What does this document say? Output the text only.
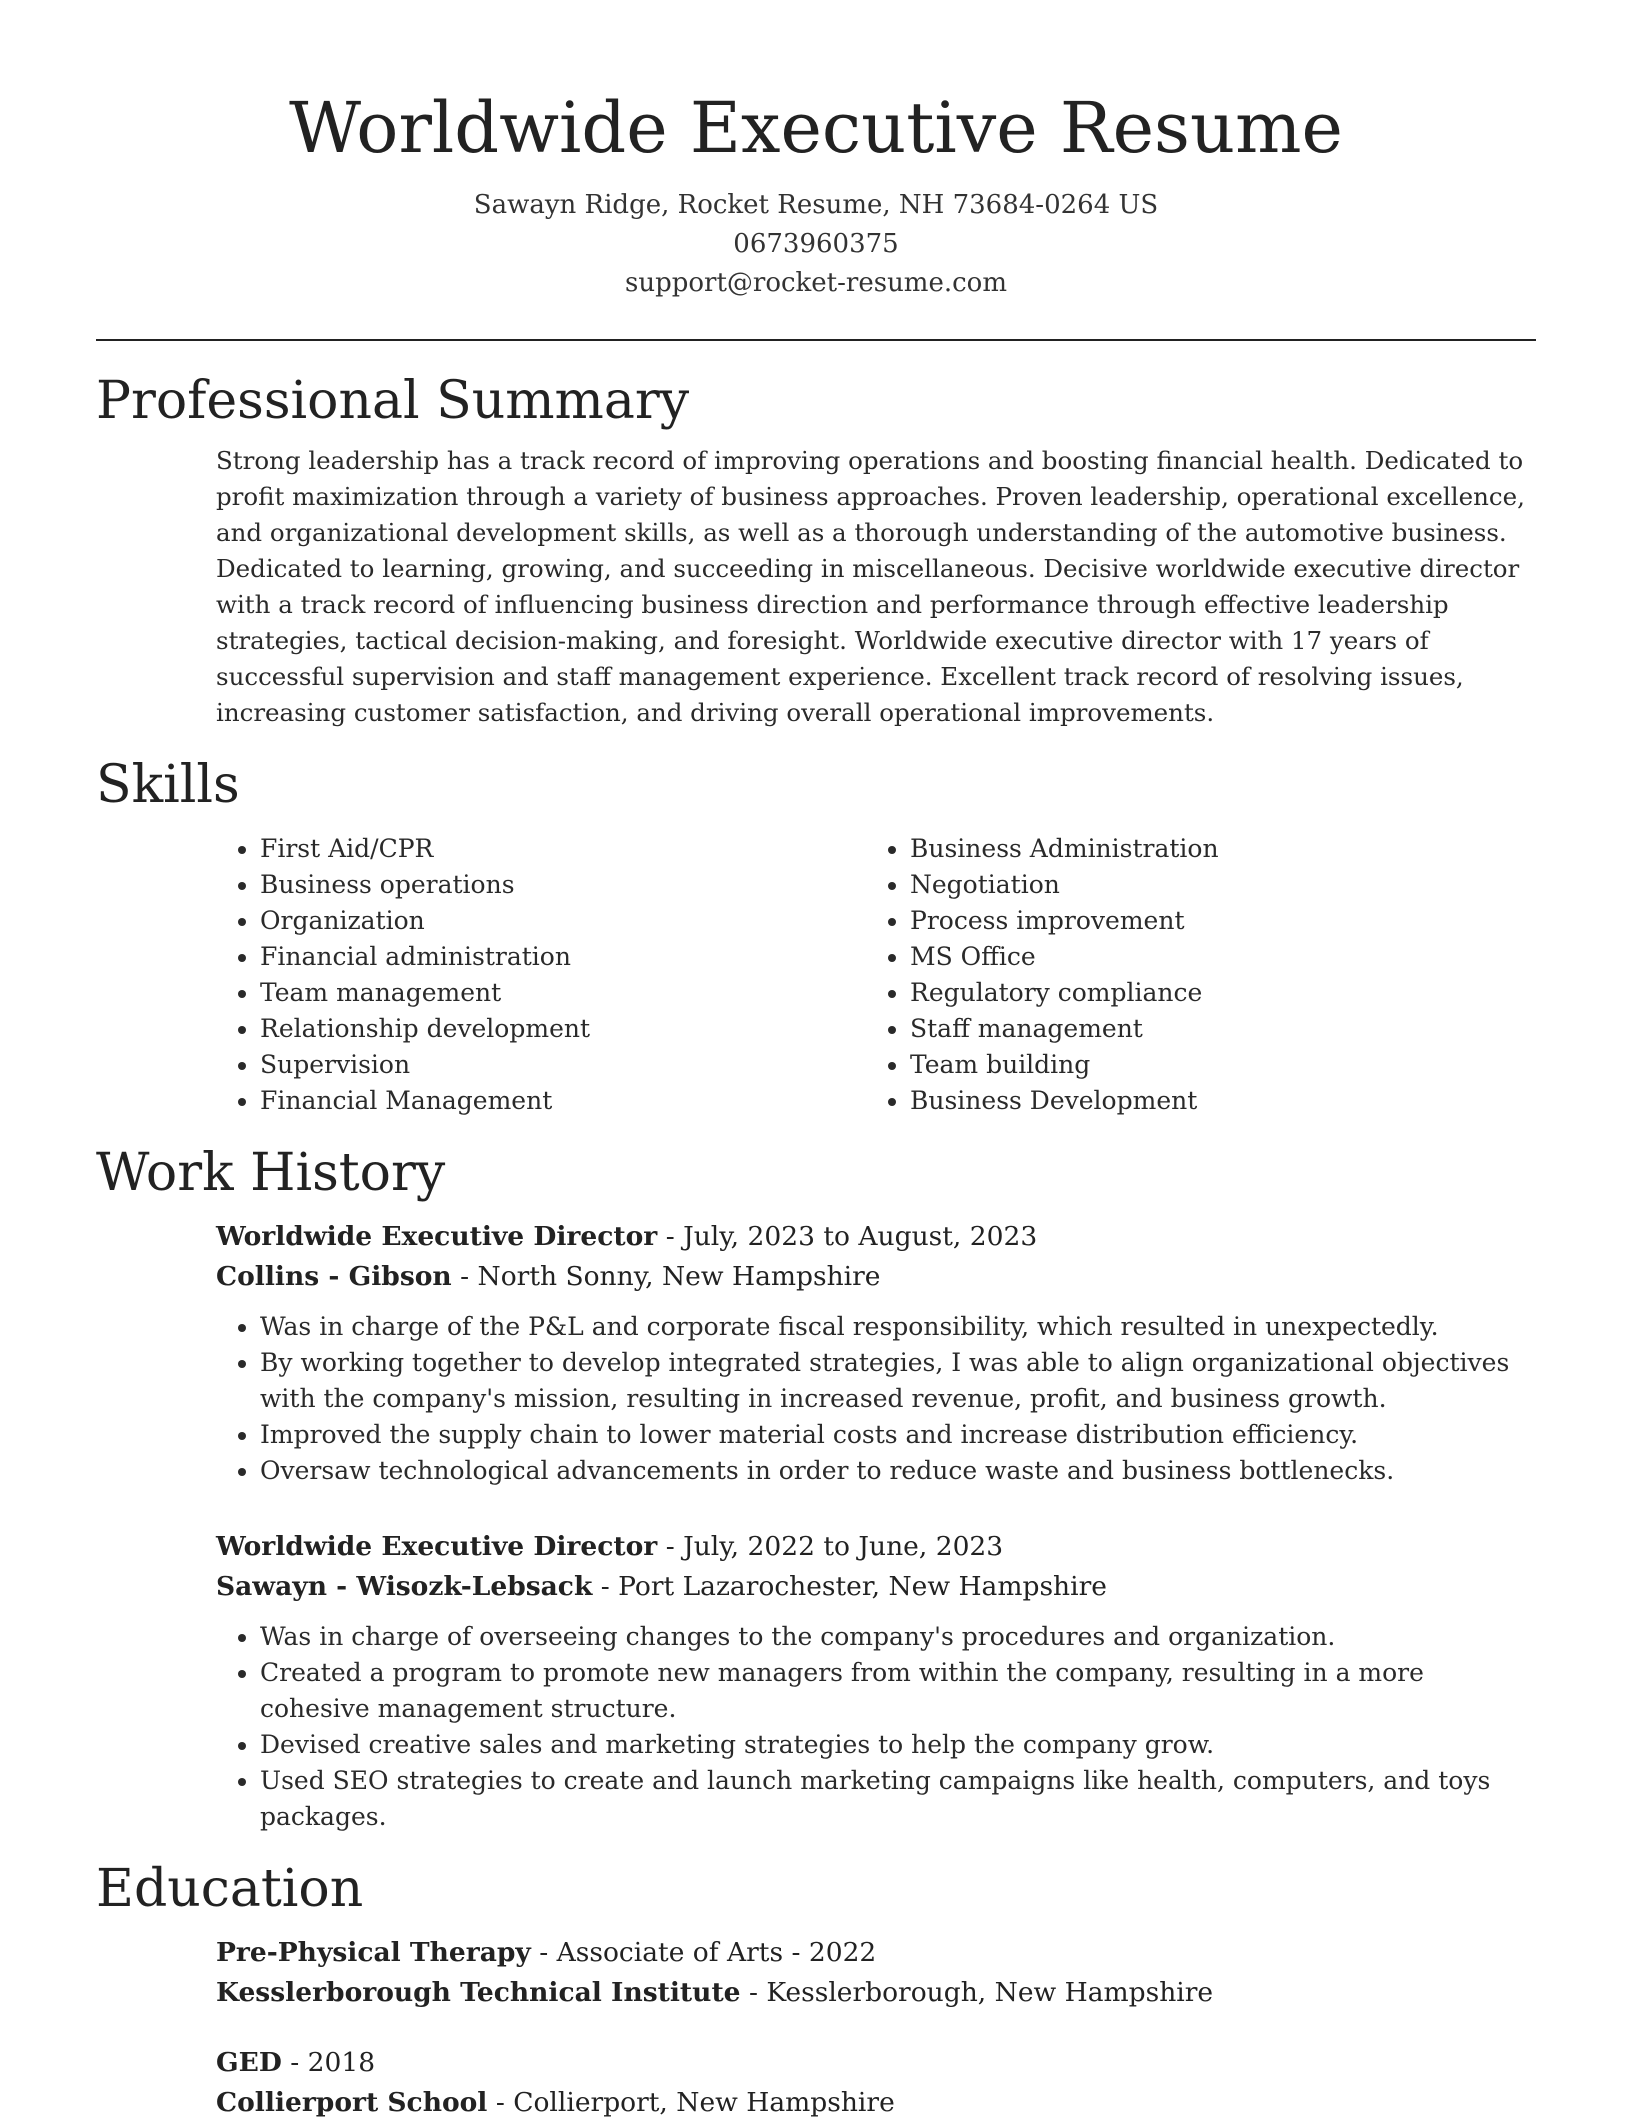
Worldwide Executive Resume
Sawayn Ridge, Rocket Resume, NH 73684-0264 US
0673960375
support@rocket-resume.com
Professional Summary

Strong leadership has a track record of improving operations and boosting financial health. Dedicated to profit maximization through a variety of business approaches. Proven leadership, operational excellence, and organizational development skills, as well as a thorough understanding of the automotive business. Dedicated to learning, growing, and succeeding in miscellaneous. Decisive worldwide executive director with a track record of influencing business direction and performance through effective leadership strategies, tactical decision-making, and foresight. Worldwide executive director with 17 years of successful supervision and staff management experience. Excellent track record of resolving issues, increasing customer satisfaction, and driving overall operational improvements.

Skills
• First Aid/CPR
• Business operations
• Organization
• Financial administration
• Team management
• Relationship development
• Supervision
• Financial Management
• Business Administration
• Negotiation
• Process improvement
• MS Office
• Regulatory compliance
• Staff management
• Team building
• Business Development
Work History
Worldwide Executive Director - July, 2023 to August, 2023
Collins - Gibson - North Sonny, New Hampshire
• Was in charge of the P&L and corporate fiscal responsibility, which resulted in unexpectedly.
• By working together to develop integrated strategies, I was able to align organizational objectives with the company's mission, resulting in increased revenue, profit, and business growth.
• Improved the supply chain to lower material costs and increase distribution efficiency.
• Oversaw technological advancements in order to reduce waste and business bottlenecks.
Worldwide Executive Director - July, 2022 to June, 2023
Sawayn - Wisozk-Lebsack - Port Lazarochester, New Hampshire
• Was in charge of overseeing changes to the company's procedures and organization.
• Created a program to promote new managers from within the company, resulting in a more cohesive management structure.
• Devised creative sales and marketing strategies to help the company grow.
• Used SEO strategies to create and launch marketing campaigns like health, computers, and toys packages.
Education
Pre-Physical Therapy - Associate of Arts - 2022
Kesslerborough Technical Institute - Kesslerborough, New Hampshire
GED - 2018
Collierport School - Collierport, New Hampshire
